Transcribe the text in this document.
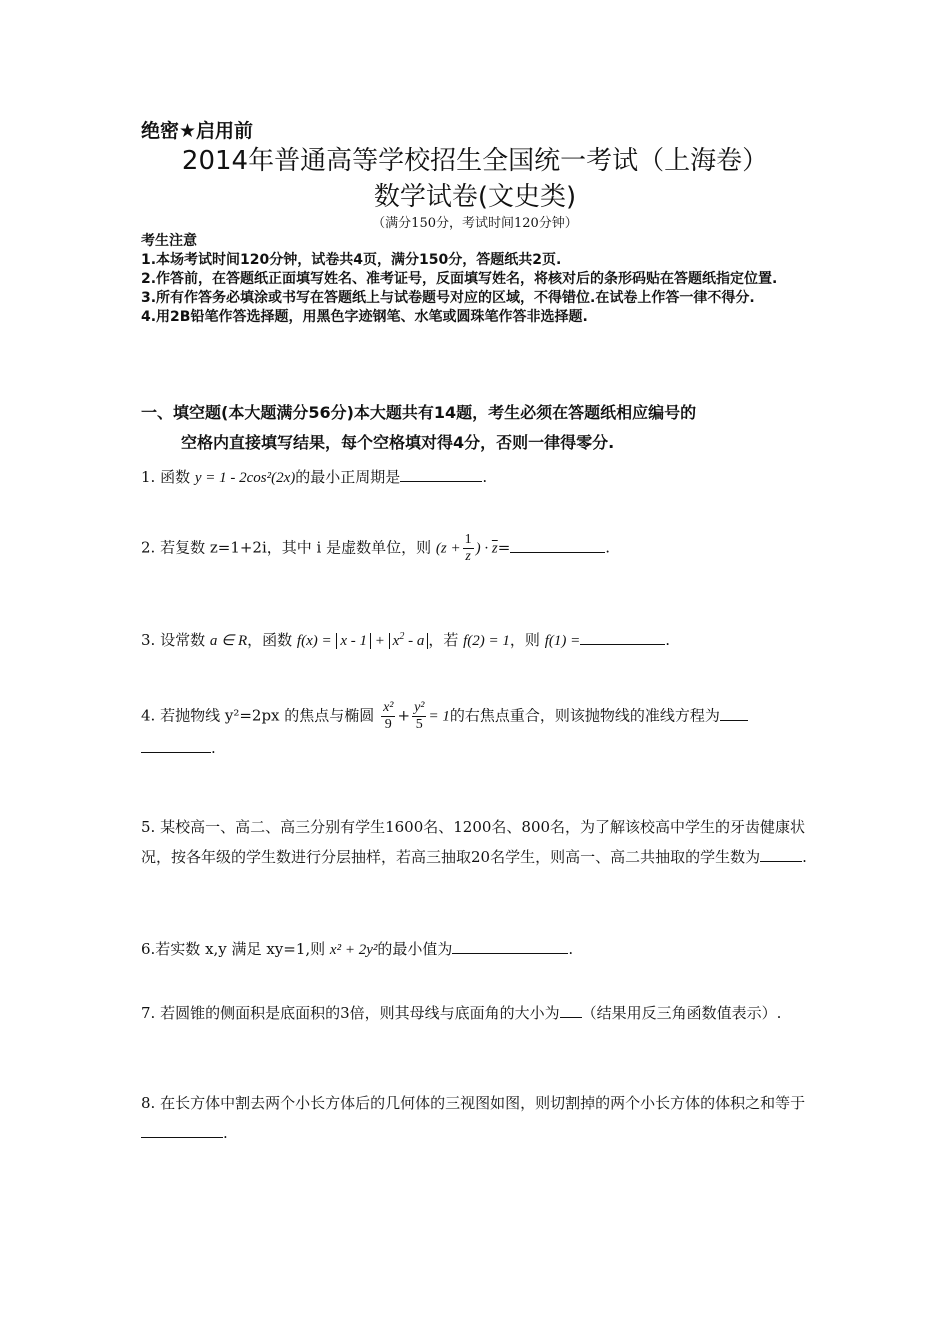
绝密★启用前
2014年普通高等学校招生全国统一考试（上海卷）
数学试卷(文史类)
（满分150分，考试时间120分钟）
考生注意
1.本场考试时间120分钟，试卷共4页，满分150分，答题纸共2页.
2.作答前，在答题纸正面填写姓名、准考证号，反面填写姓名，将核对后的条形码贴在答题纸指定位置.
3.所有作答务必填涂或书写在答题纸上与试卷题号对应的区域，不得错位.在试卷上作答一律不得分.
4.用2B铅笔作答选择题，用黑色字迹钢笔、水笔或圆珠笔作答非选择题.
一、填空题(本大题满分56分)本大题共有14题，考生必须在答题纸相应编号的
空格内直接填写结果，每个空格填对得4分，否则一律得零分.
1. 函数 y = 1 - 2cos²(2x)的最小正周期是	.
2. 若复数 z=1+2i，其中 i 是虚数单位，则 ($z + \frac{1}{z}$ ) · $\overline{z}=$	.
3. 设常数 a ∈ R，函数 $f(x) = x - 1 + x^2 - a$ ，若 f(2) = 1，则 f(1) =	.
4. 若抛物线 y²=2px 的焦点与椭圆 $\frac{\text{x²}}{9} + \frac{\text{y²}}{5} = 1$的右焦点重合，则该抛物线的准线方程为
.
5. 某校高一、高二、高三分别有学生1600名、1200名、800名，为了解该校高中学生的牙齿健康状况，按各年级的学生数进行分层抽样，若高三抽取20名学生，则高一、高二共抽取的学生数为	.
6.若实数 x,y 满足 xy=1,则 x² + 2y²的最小值为	.
7. 若圆锥的侧面积是底面积的3倍，则其母线与底面角的大小为 （结果用反三角函数值表示）.
8. 在长方体中割去两个小长方体后的几何体的三视图如图，则切割掉的两个小长方体的体积之和等于.
